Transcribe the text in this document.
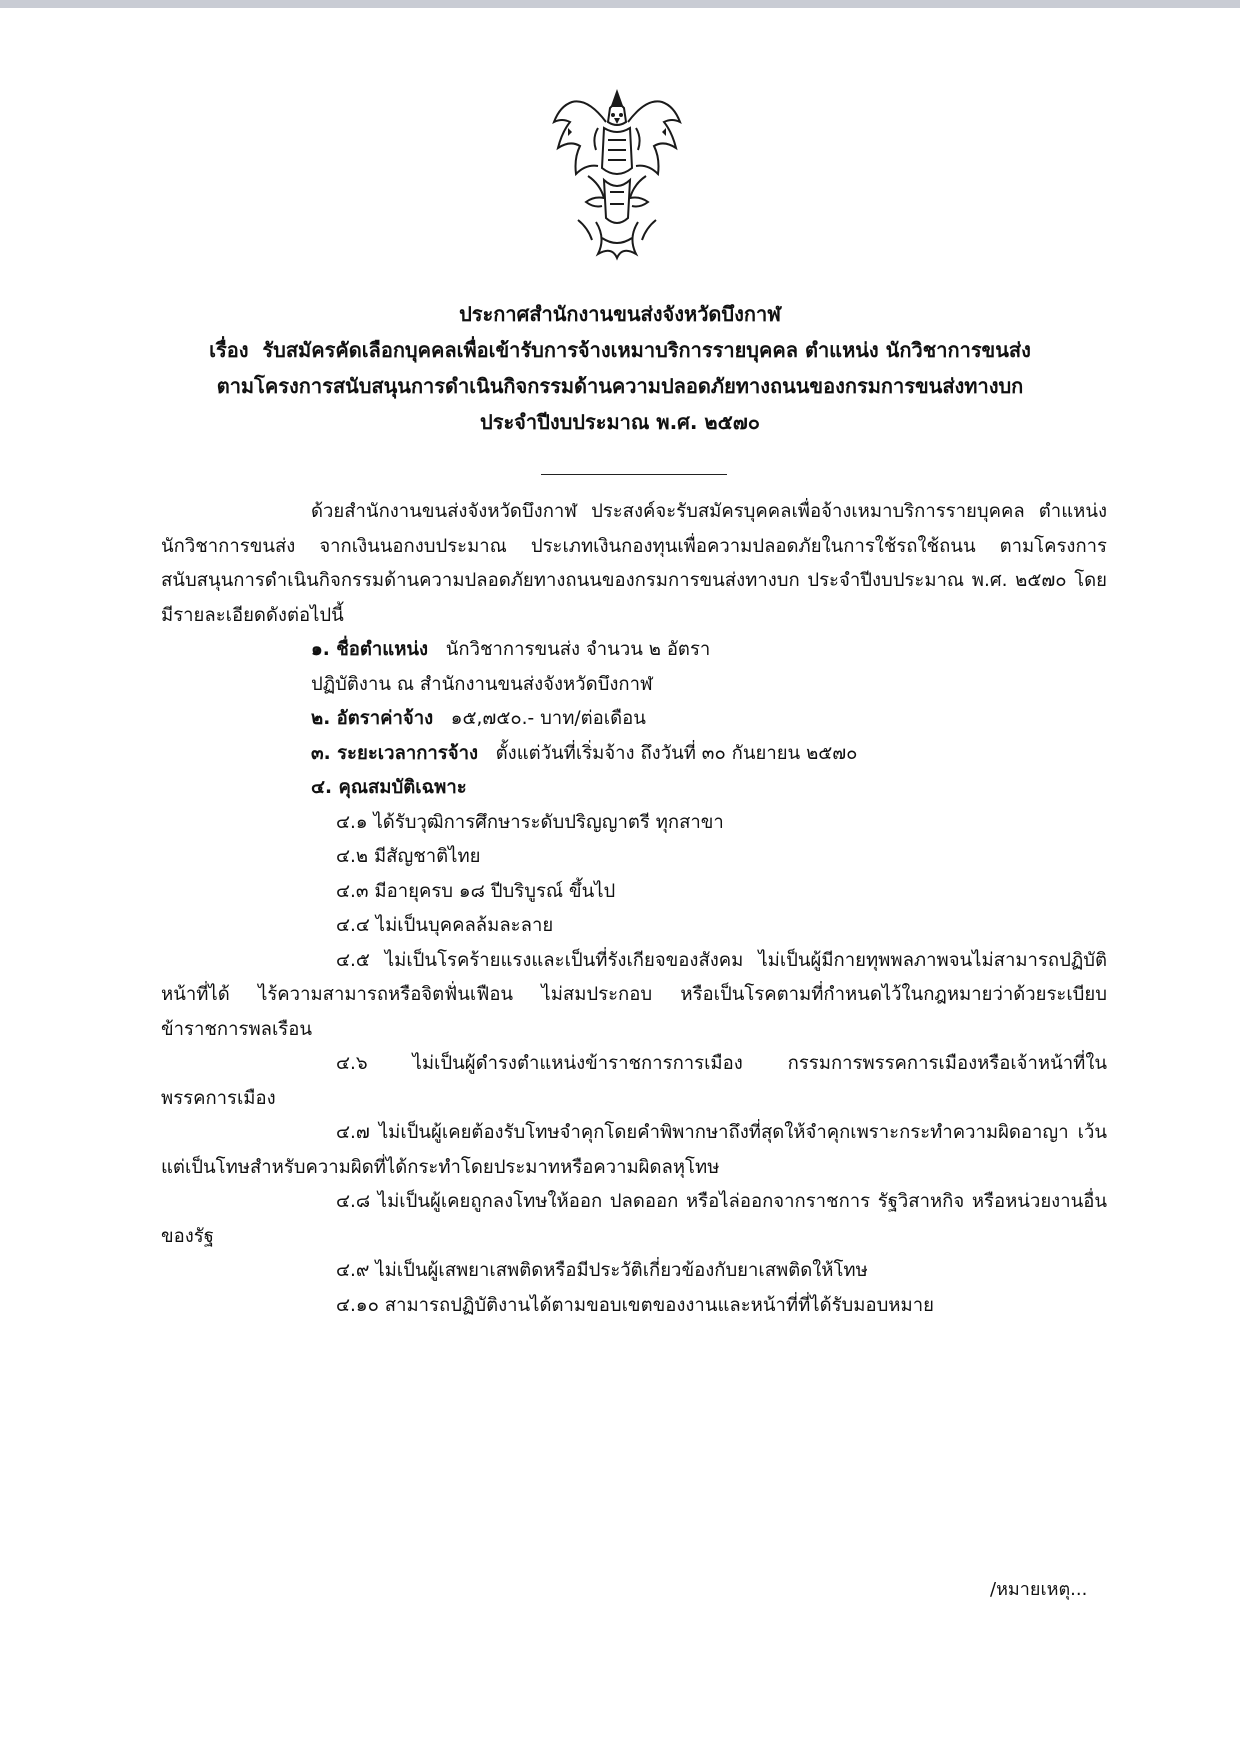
ประกาศสำนักงานขนส่งจังหวัดบึงกาฬ
เรื่อง รับสมัครคัดเลือกบุคคลเพื่อเข้ารับการจ้างเหมาบริการรายบุคคล ตำแหน่ง นักวิชาการขนส่ง
ตามโครงการสนับสนุนการดำเนินกิจกรรมด้านความปลอดภัยทางถนนของกรมการขนส่งทางบก
ประจำปีงบประมาณ พ.ศ. ๒๕๗๐

ด้วยสำนักงานขนส่งจังหวัดบึงกาฬ ประสงค์จะรับสมัครบุคคลเพื่อจ้างเหมาบริการรายบุคคล ตำแหน่ง นักวิชาการขนส่ง จากเงินนอกงบประมาณ ประเภทเงินกองทุนเพื่อความปลอดภัยในการใช้รถใช้ถนน ตามโครงการสนับสนุนการดำเนินกิจกรรมด้านความปลอดภัยทางถนนของกรมการขนส่งทางบก ประจำปีงบประมาณ พ.ศ. ๒๕๗๐ โดยมีรายละเอียดดังต่อไปนี้

๑. ชื่อตำแหน่ง นักวิชาการขนส่ง จำนวน ๒ อัตรา
ปฏิบัติงาน ณ สำนักงานขนส่งจังหวัดบึงกาฬ
๒. อัตราค่าจ้าง ๑๕,๗๕๐.- บาท/ต่อเดือน
๓. ระยะเวลาการจ้าง ตั้งแต่วันที่เริ่มจ้าง ถึงวันที่ ๓๐ กันยายน ๒๕๗๐
๔. คุณสมบัติเฉพาะ
๔.๑ ได้รับวุฒิการศึกษาระดับปริญญาตรี ทุกสาขา
๔.๒ มีสัญชาติไทย
๔.๓ มีอายุครบ ๑๘ ปีบริบูรณ์ ขึ้นไป
๔.๔ ไม่เป็นบุคคลล้มละลาย
๔.๕ ไม่เป็นโรคร้ายแรงและเป็นที่รังเกียจของสังคม ไม่เป็นผู้มีกายทุพพลภาพจนไม่สามารถปฏิบัติหน้าที่ได้ ไร้ความสามารถหรือจิตฟั่นเฟือน ไม่สมประกอบ หรือเป็นโรคตามที่กำหนดไว้ในกฎหมายว่าด้วยระเบียบข้าราชการพลเรือน
๔.๖ ไม่เป็นผู้ดำรงตำแหน่งข้าราชการการเมือง กรรมการพรรคการเมืองหรือเจ้าหน้าที่ในพรรคการเมือง
๔.๗ ไม่เป็นผู้เคยต้องรับโทษจำคุกโดยคำพิพากษาถึงที่สุดให้จำคุกเพราะกระทำความผิดอาญา เว้นแต่เป็นโทษสำหรับความผิดที่ได้กระทำโดยประมาทหรือความผิดลหุโทษ
๔.๘ ไม่เป็นผู้เคยถูกลงโทษให้ออก ปลดออก หรือไล่ออกจากราชการ รัฐวิสาหกิจ หรือหน่วยงานอื่นของรัฐ
๔.๙ ไม่เป็นผู้เสพยาเสพติดหรือมีประวัติเกี่ยวข้องกับยาเสพติดให้โทษ
๔.๑๐ สามารถปฏิบัติงานได้ตามขอบเขตของงานและหน้าที่ที่ได้รับมอบหมาย
/หมายเหตุ...
